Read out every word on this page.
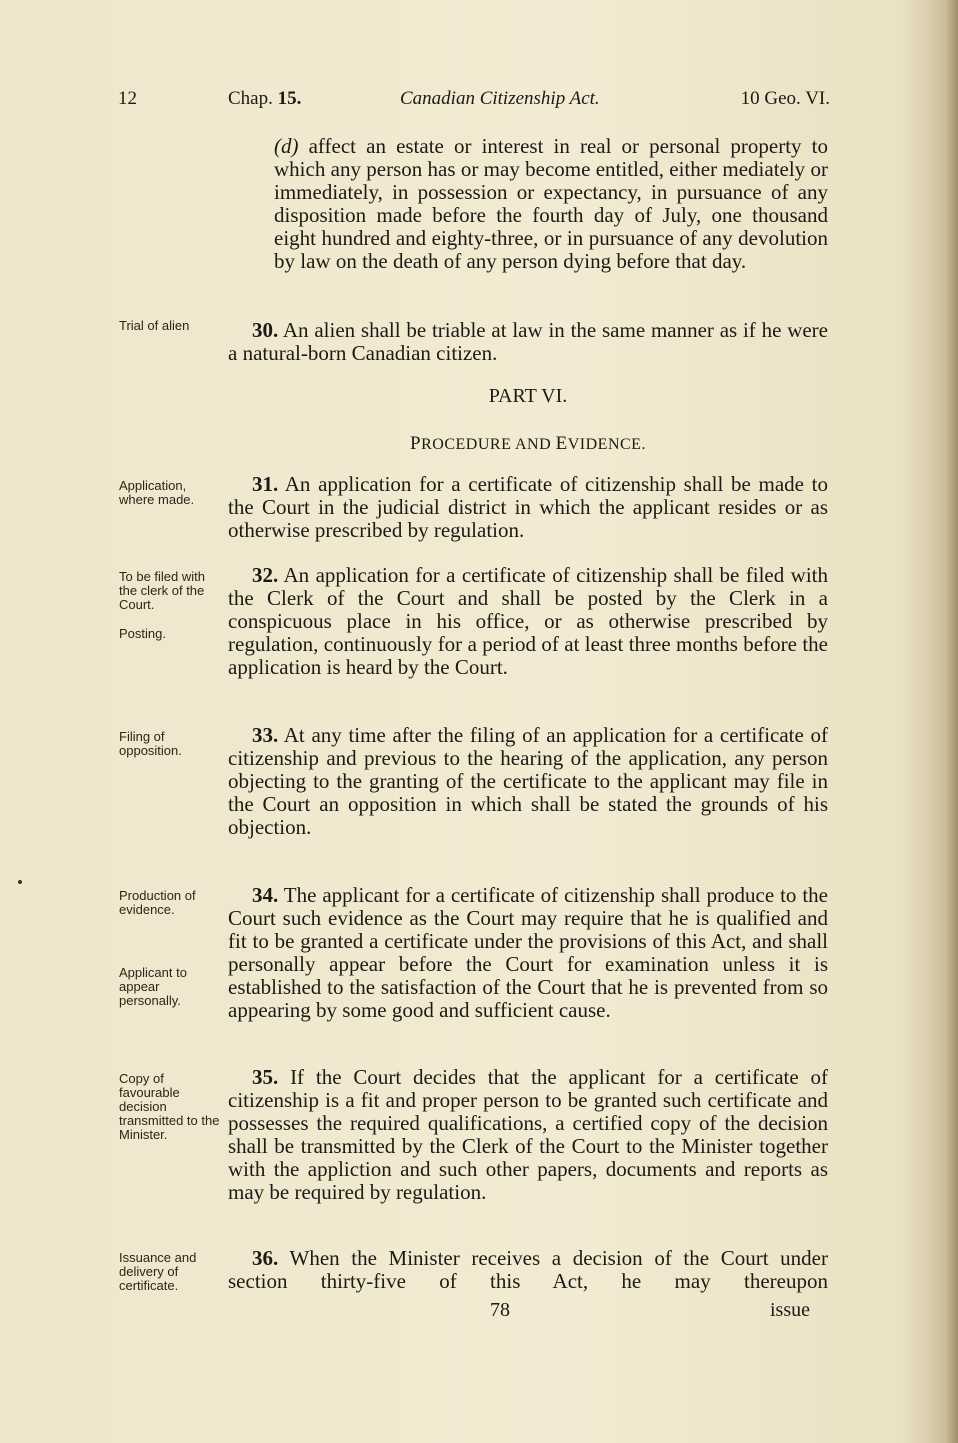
12	Chap. 15.	Canadian Citizenship Act.	10 Geo. VI.
(d) affect an estate or interest in real or personal property to which any person has or may become entitled, either mediately or immediately, in possession or expectancy, in pursuance of any disposition made before the fourth day of July, one thousand eight hundred and eighty-three, or in pursuance of any devolution by law on the death of any person dying before that day.
Trial of alien	30. An alien shall be triable at law in the same manner as if he were a natural-born Canadian citizen.
PART VI.
PROCEDURE AND EVIDENCE.
Application, where made.
31. An application for a certificate of citizenship shall be made to the Court in the judicial district in which the applicant resides or as otherwise prescribed by regulation.
To be filed with the clerk of the Court.
Posting.
32. An application for a certificate of citizenship shall be filed with the Clerk of the Court and shall be posted by the Clerk in a conspicuous place in his office, or as otherwise prescribed by regulation, continuously for a period of at least three months before the application is heard by the Court.
Filing of opposition.
33. At any time after the filing of an application for a certificate of citizenship and previous to the hearing of the application, any person objecting to the granting of the certificate to the applicant may file in the Court an opposition in which shall be stated the grounds of his objection.
Production of evidence.
Applicant to appear personally.
34. The applicant for a certificate of citizenship shall produce to the Court such evidence as the Court may require that he is qualified and fit to be granted a certificate under the provisions of this Act, and shall personally appear before the Court for examination unless it is established to the satisfaction of the Court that he is prevented from so appearing by some good and sufficient cause.
Copy of favourable decision transmitted to the Minister.
35. If the Court decides that the applicant for a certificate of citizenship is a fit and proper person to be granted such certificate and possesses the required qualifications, a certified copy of the decision shall be transmitted by the Clerk of the Court to the Minister together with the appliction and such other papers, documents and reports as may be required by regulation.
Issuance and delivery of certificate.
36. When the Minister receives a decision of the Court under section thirty-five of this Act, he may thereupon
78	issue
